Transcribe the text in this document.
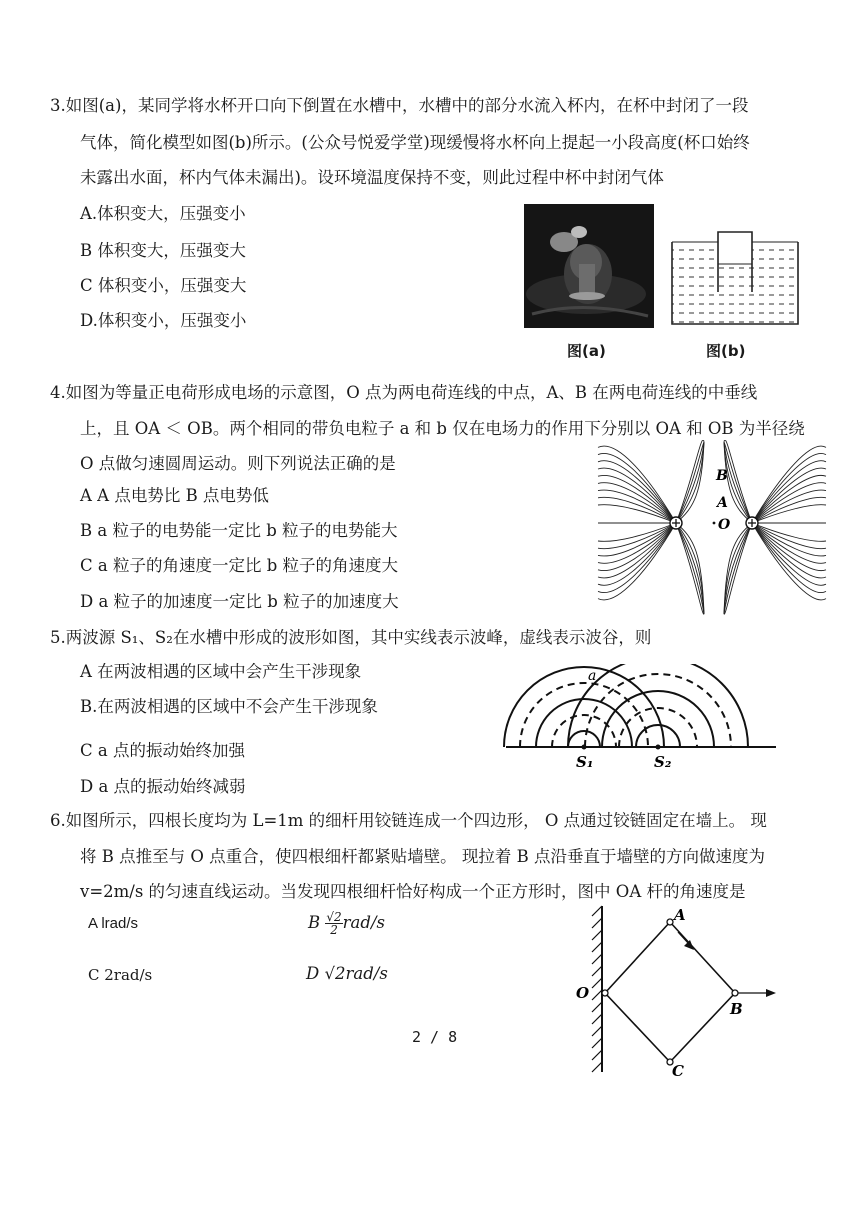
3.如图(a)，某同学将水杯开口向下倒置在水槽中，水槽中的部分水流入杯内，在杯中封闭了一段
气体，简化模型如图(b)所示。(公众号悦爱学堂)现缓慢将水杯向上提起一小段高度(杯口始终
未露出水面，杯内气体未漏出)。设环境温度保持不变，则此过程中杯中封闭气体
A.体积变大，压强变小
B 体积变大，压强变大
C 体积变小，压强变大
D.体积变小，压强变小
图(a)	图(b)
4.如图为等量正电荷形成电场的示意图，O 点为两电荷连线的中点，A、B 在两电荷连线的中垂线
上，且 OA ＜ OB。两个相同的带负电粒子 a 和 b 仅在电场力的作用下分别以 OA 和 OB 为半径绕
O 点做匀速圆周运动。则下列说法正确的是
A A 点电势比 B 点电势低
B a 粒子的电势能一定比 b 粒子的电势能大
C a 粒子的角速度一定比 b 粒子的角速度大
D a 粒子的加速度一定比 b 粒子的加速度大
B
A
O
5.两波源 S₁、S₂在水槽中形成的波形如图，其中实线表示波峰，虚线表示波谷，则
A 在两波相遇的区域中会产生干涉现象
B.在两波相遇的区域中不会产生干涉现象
C a 点的振动始终加强
D a 点的振动始终减弱
a
S₁	S₂
6.如图所示，四根长度均为 L=1m 的细杆用铰链连成一个四边形， O 点通过铰链固定在墙上。 现
将 B 点推至与 O 点重合，使四根细杆都紧贴墙壁。 现拉着 B 点沿垂直于墙壁的方向做速度为
v=2m/s 的匀速直线运动。当发现四根细杆恰好构成一个正方形时，图中 OA 杆的角速度是
A lrad/s	B $\frac{√2}{2} rad/s$
C 2rad/s	D √2rad/s
A
O
B
C
2 / 8
